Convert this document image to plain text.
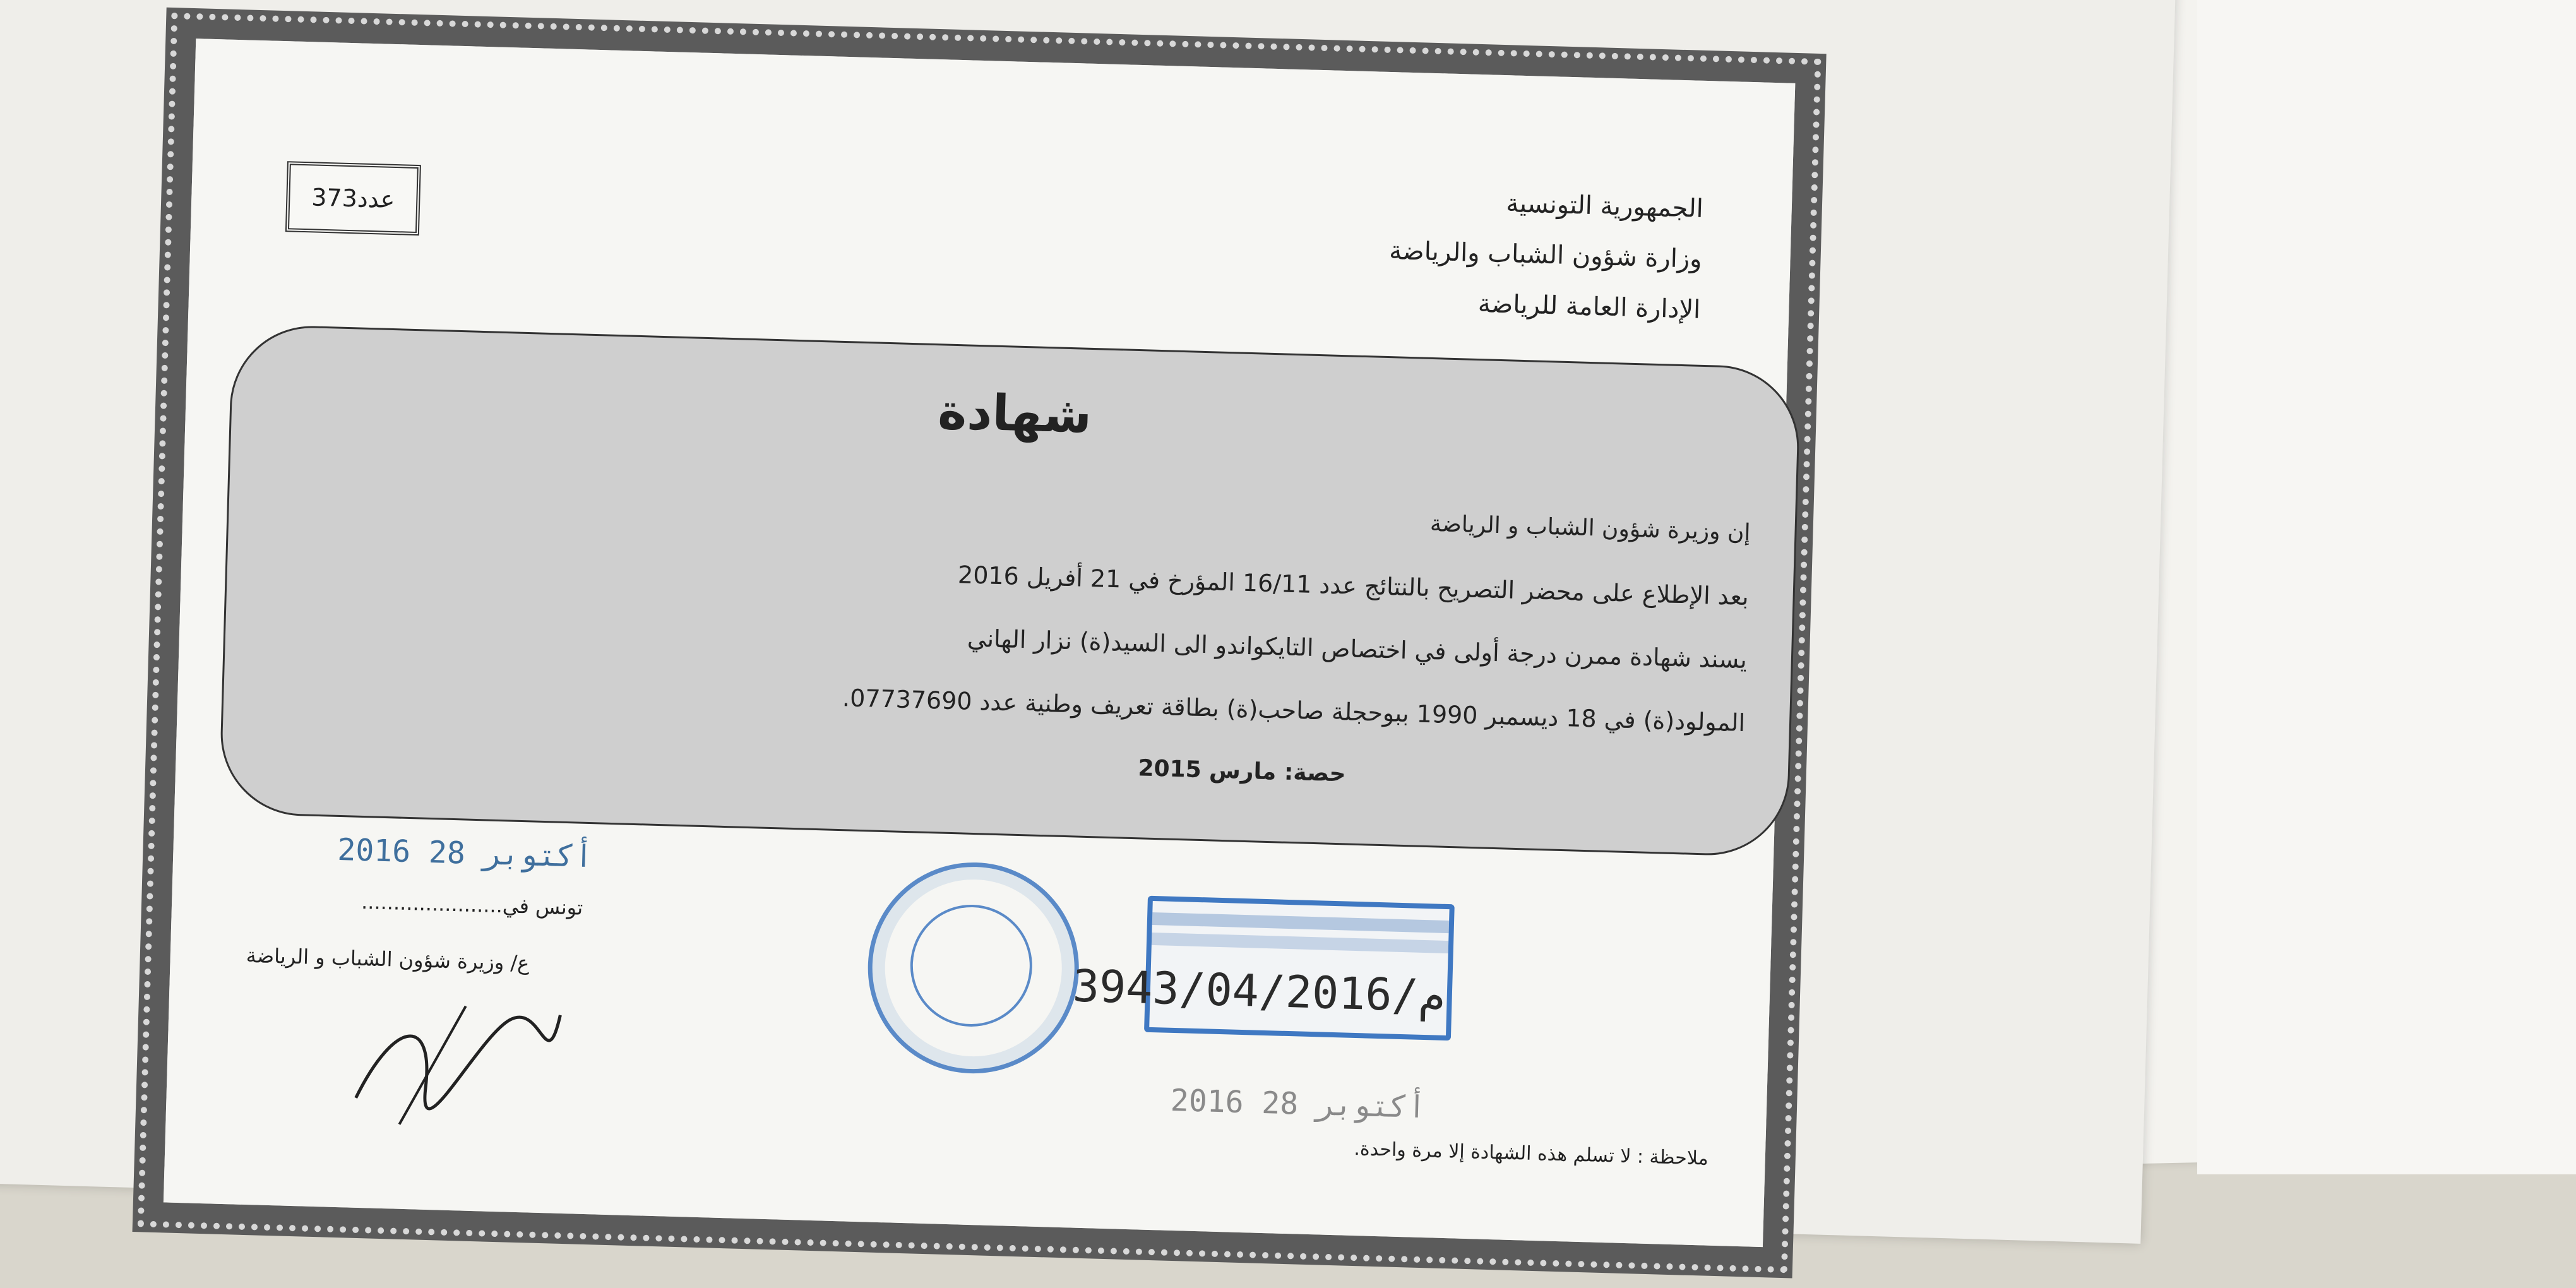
الجمهورية التونسية
وزارة شؤون الشباب والرياضة
الإدارة العامة للرياضة
373
عدد
شهادة
إن وزيرة شؤون الشباب و الرياضة
بعد الإطلاع على محضر التصريح بالنتائج عدد 16/11 المؤرخ في 21 أفريل 2016
يسند شهادة ممرن درجة أولى في اختصاص التايكواندو الى السيد(ة) نزار الهاني
المولود(ة) في 18 ديسمبر 1990 ببوحجلة صاحب(ة) بطاقة تعريف وطنية عدد 07737690.
حصة: مارس 2015
2016 أكتوبر 28
تونس في......................
ع/ وزيرة شؤون الشباب و الرياضة
3943/04/2016/م
2016 أكتوبر 28
ملاحظة : لا تسلم هذه الشهادة إلا مرة واحدة.
